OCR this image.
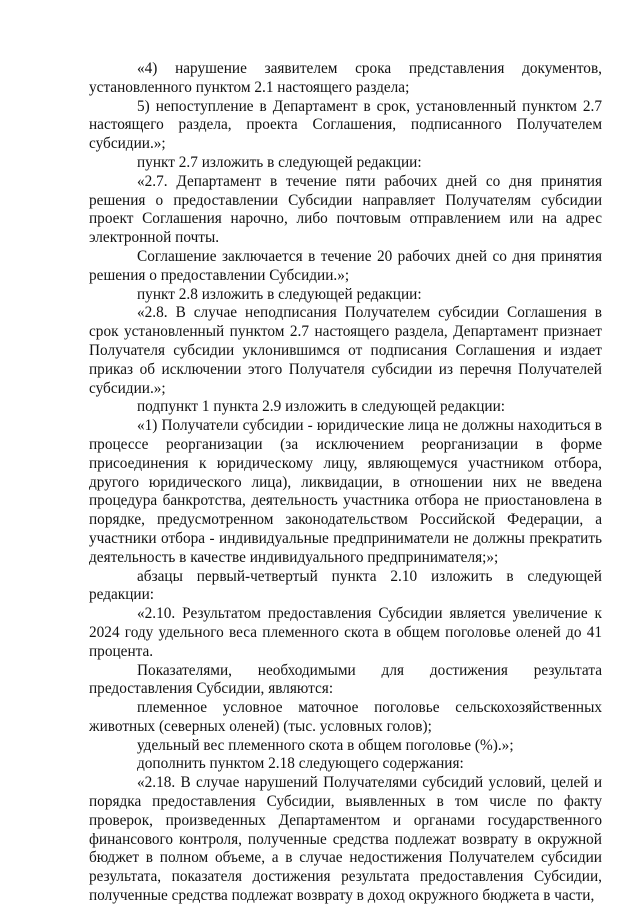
«4) нарушение заявителем срока представления документов, установленного пунктом 2.1 настоящего раздела;

5) непоступление в Департамент в срок, установленный пунктом 2.7 настоящего раздела, проекта Соглашения, подписанного Получателем субсидии.»;

пункт 2.7 изложить в следующей редакции:

«2.7. Департамент в течение пяти рабочих дней со дня принятия решения о предоставлении Субсидии направляет Получателям субсидии проект Соглашения нарочно, либо почтовым отправлением или на адрес электронной почты.

Соглашение заключается в течение 20 рабочих дней со дня принятия решения о предоставлении Субсидии.»;

пункт 2.8 изложить в следующей редакции:

«2.8. В случае неподписания Получателем субсидии Соглашения в срок установленный пунктом 2.7 настоящего раздела, Департамент признает Получателя субсидии уклонившимся от подписания Соглашения и издает приказ об исключении этого Получателя субсидии из перечня Получателей субсидии.»;

подпункт 1 пункта 2.9 изложить в следующей редакции:

«1) Получатели субсидии - юридические лица не должны находиться в процессе реорганизации (за исключением реорганизации в форме присоединения к юридическому лицу, являющемуся участником отбора, другого юридического лица), ликвидации, в отношении них не введена процедура банкротства, деятельность участника отбора не приостановлена в порядке, предусмотренном законодательством Российской Федерации, а участники отбора - индивидуальные предприниматели не должны прекратить деятельность в качестве индивидуального предпринимателя;»;

абзацы первый-четвертый пункта 2.10 изложить в следующей редакции:

«2.10. Результатом предоставления Субсидии является увеличение к 2024 году удельного веса племенного скота в общем поголовье оленей до 41 процента.

Показателями, необходимыми для достижения результата предоставления Субсидии, являются:

племенное условное маточное поголовье сельскохозяйственных животных (северных оленей) (тыс. условных голов);

удельный вес племенного скота в общем поголовье (%).»;

дополнить пунктом 2.18 следующего содержания:

«2.18. В случае нарушений Получателями субсидий условий, целей и порядка предоставления Субсидии, выявленных в том числе по факту проверок, произведенных Департаментом и органами государственного финансового контроля, полученные средства подлежат возврату в окружной бюджет в полном объеме, а в случае недостижения Получателем субсидии результата, показателя достижения результата предоставления Субсидии, полученные средства подлежат возврату в доход окружного бюджета в части,
